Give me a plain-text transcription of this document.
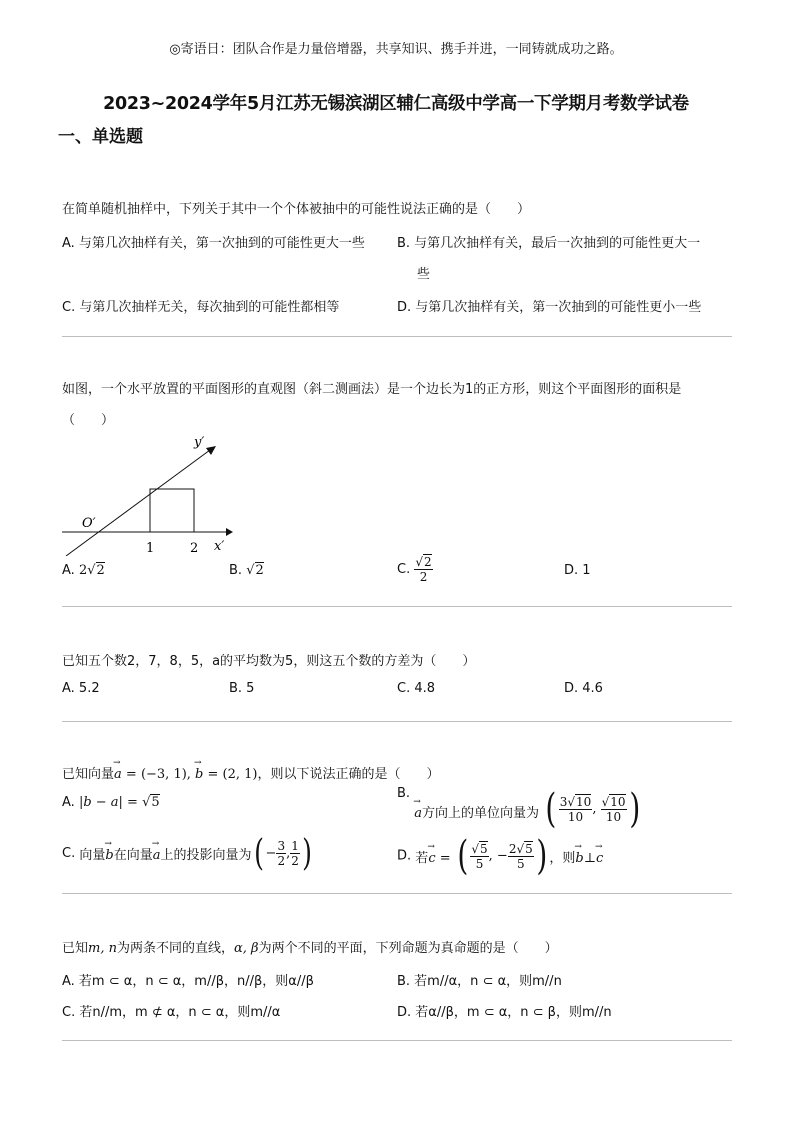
◎寄语日：团队合作是力量倍增器，共享知识、携手并进，一同铸就成功之路。
2023~2024学年5月江苏无锡滨湖区辅仁高级中学高一下学期月考数学试卷
一、单选题
在简单随机抽样中，下列关于其中一个个体被抽中的可能性说法正确的是（　　）
A. 与第几次抽样有关，第一次抽到的可能性更大一些 B. 与第几次抽样有关，最后一次抽到的可能性更大一
些
C. 与第几次抽样无关，每次抽到的可能性都相等	D. 与第几次抽样有关，第一次抽到的可能性更小一些
如图，一个水平放置的平面图形的直观图（斜二测画法）是一个边长为1的正方形，则这个平面图形的面积是
（　　）
y′
O′
1	2 x′
A. 2√2	B. √2	C. $\frac{√2}{2}$	D. 1
已知五个数2，7，8，5，a的平均数为5，则这五个数的方差为（　　）
A. 5.2	B. 5	C. 4.8	D. 4.6
已知向量→ a = (−3, 1), → b = (2, 1)，则以下说法正确的是（　　）
A. |b − a| = √5
B. → a方向上的单位向量为 ( $\frac{3√10}{10}$ , $\frac{√10}{10}$ )
C. 向量→ b在向量→ a上的投影向量为( − $\frac{3}{2}$ , $\frac{1}{2}$ )	D. 若→ c = ( $\frac{√5}{5}$ , − $\frac{2√5}{5}$ ) ，则→ b⊥→ c
已知m, n为两条不同的直线，α, β为两个不同的平面，下列命题为真命题的是（　　）
A. 若m ⊂ α，n ⊂ α，m//β，n//β，则α//β	B. 若m//α，n ⊂ α，则m//n
C. 若n//m，m ⊄ α，n ⊂ α，则m//α	D. 若α//β，m ⊂ α，n ⊂ β，则m//n
